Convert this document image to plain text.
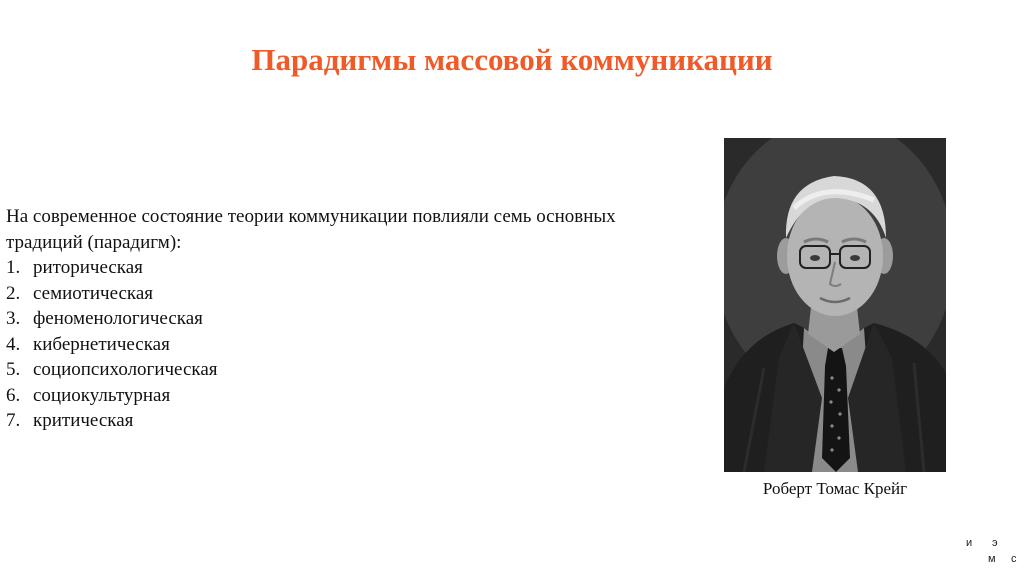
Парадигмы массовой коммуникации

На современное состояние теории коммуникации повлияли семь основных традиций (парадигм):

1. риторическая
2. семиотическая
3. феноменологическая
4. кибернетическая
5. социопсихологическая
6. социокультурная
7. критическая
Роберт Томас Крейг
и э
м с
